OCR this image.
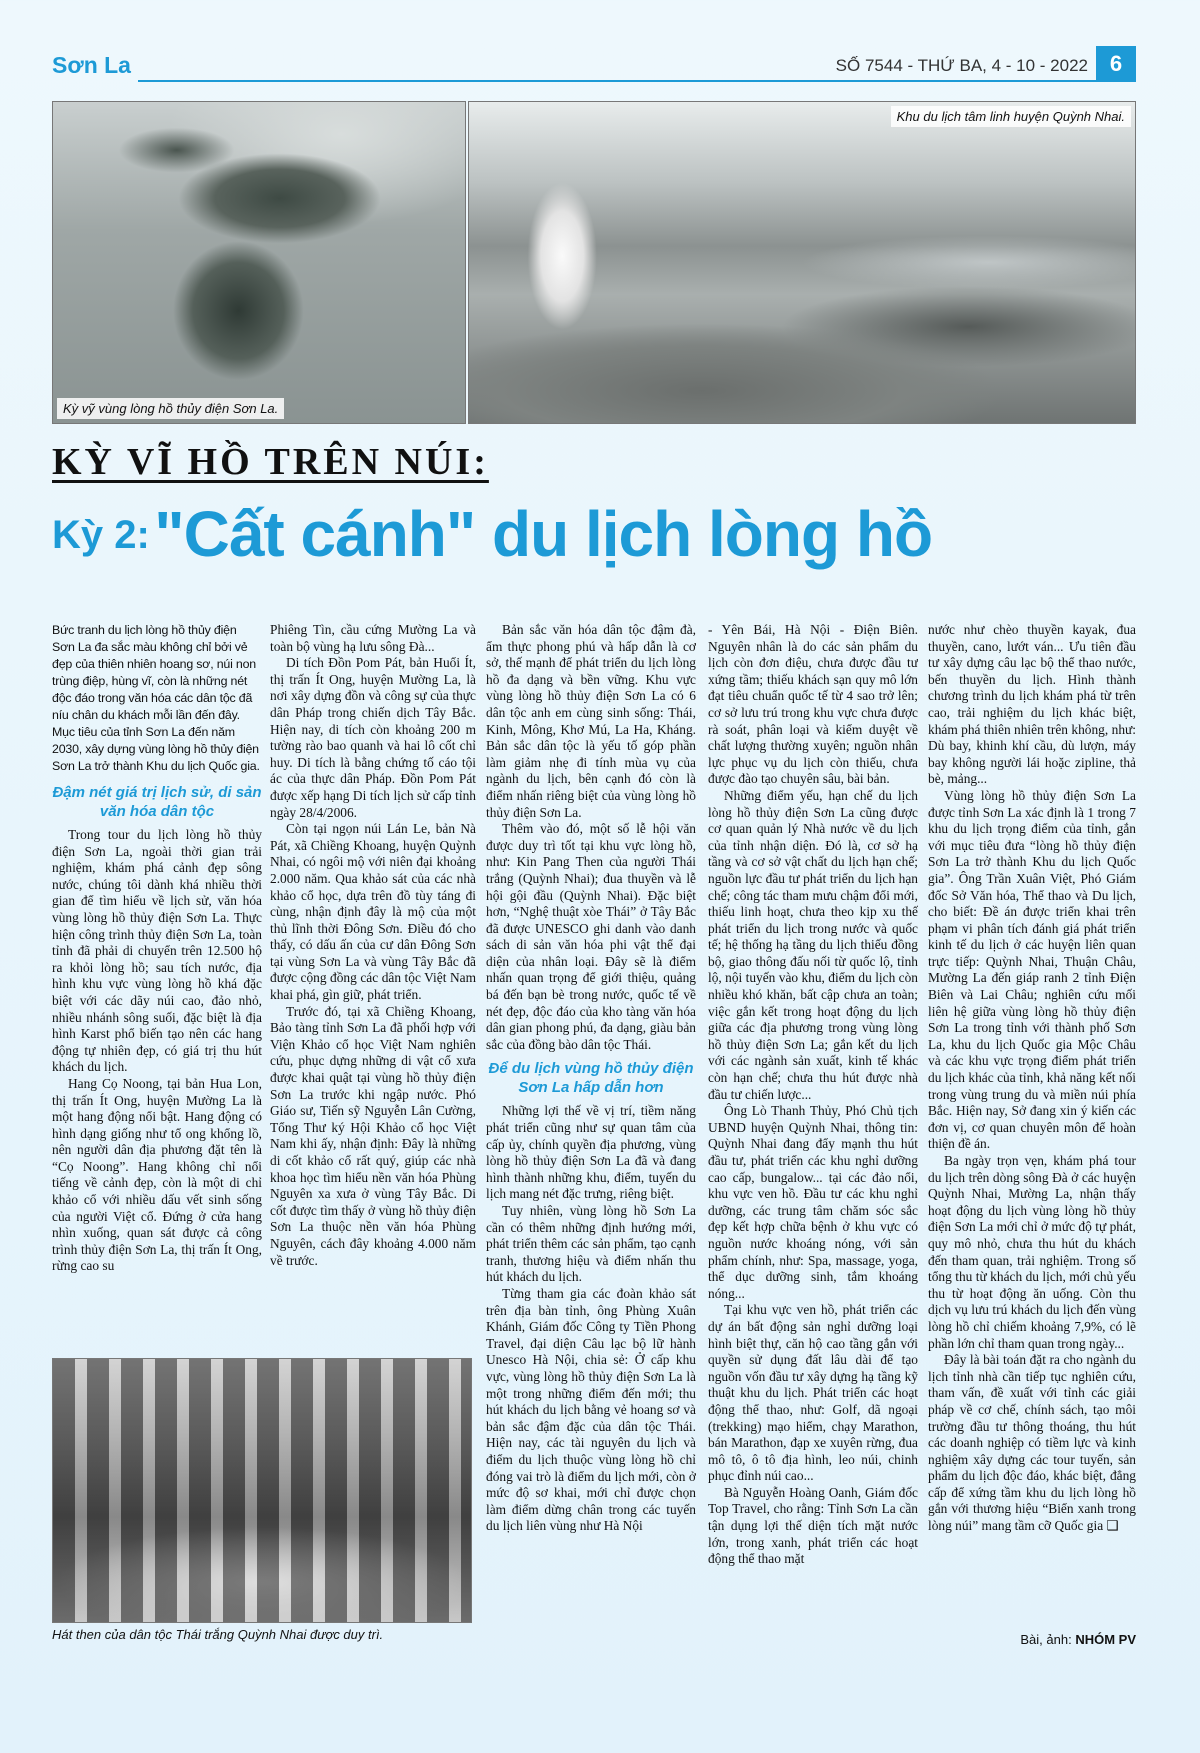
Sơn La	SỐ 7544 - THỨ BA, 4 - 10 - 2022 6
Kỳ vỹ vùng lòng hồ thủy điện Sơn La.
Khu du lịch tâm linh huyện Quỳnh Nhai.
KỲ VĨ HỒ TRÊN NÚI:
Kỳ 2: "Cất cánh" du lịch lòng hồ
Bức tranh du lịch lòng hồ thủy điện Sơn La đa sắc màu không chỉ bởi vẻ đẹp của thiên nhiên hoang sơ, núi non trùng điệp, hùng vĩ, còn là những nét độc đáo trong văn hóa các dân tộc đã níu chân du khách mỗi lần đến đây. Mục tiêu của tỉnh Sơn La đến năm 2030, xây dựng vùng lòng hồ thủy điện Sơn La trở thành Khu du lịch Quốc gia.
Đậm nét giá trị lịch sử, di sản văn hóa dân tộc

Trong tour du lịch lòng hồ thủy điện Sơn La, ngoài thời gian trải nghiệm, khám phá cảnh đẹp sông nước, chúng tôi dành khá nhiều thời gian để tìm hiểu về lịch sử, văn hóa vùng lòng hồ thủy điện Sơn La. Thực hiện công trình thủy điện Sơn La, toàn tỉnh đã phải di chuyển trên 12.500 hộ ra khỏi lòng hồ; sau tích nước, địa hình khu vực vùng lòng hồ khá đặc biệt với các dãy núi cao, đảo nhỏ, nhiều nhánh sông suối, đặc biệt là địa hình Karst phổ biến tạo nên các hang động tự nhiên đẹp, có giá trị thu hút khách du lịch.

Hang Cọ Noong, tại bản Hua Lon, thị trấn Ít Ong, huyện Mường La là một hang động nổi bật. Hang động có hình dạng giống như tổ ong khổng lồ, nên người dân địa phương đặt tên là “Cọ Noong”. Hang không chỉ nổi tiếng về cảnh đẹp, còn là một di chỉ khảo cổ với nhiều dấu vết sinh sống của người Việt cổ. Đứng ở cửa hang nhìn xuống, quan sát được cả công trình thủy điện Sơn La, thị trấn Ít Ong, rừng cao su

Phiêng Tìn, cầu cứng Mường La và toàn bộ vùng hạ lưu sông Đà...

Di tích Đồn Pom Pát, bản Huổi Ít, thị trấn Ít Ong, huyện Mường La, là nơi xây dựng đồn và công sự của thực dân Pháp trong chiến dịch Tây Bắc. Hiện nay, di tích còn khoảng 200 m tường rào bao quanh và hai lô cốt chỉ huy. Di tích là bằng chứng tố cáo tội ác của thực dân Pháp. Đồn Pom Pát được xếp hạng Di tích lịch sử cấp tỉnh ngày 28/4/2006.

Còn tại ngọn núi Lán Le, bản Nà Pát, xã Chiềng Khoang, huyện Quỳnh Nhai, có ngôi mộ với niên đại khoảng 2.000 năm. Qua khảo sát của các nhà khảo cổ học, dựa trên đồ tùy táng đi cùng, nhận định đây là mộ của một thủ lĩnh thời Đông Sơn. Điều đó cho thấy, có dấu ấn của cư dân Đông Sơn tại vùng Sơn La và vùng Tây Bắc đã được cộng đồng các dân tộc Việt Nam khai phá, gìn giữ, phát triển.

Trước đó, tại xã Chiềng Khoang, Bảo tàng tỉnh Sơn La đã phối hợp với Viện Khảo cổ học Việt Nam nghiên cứu, phục dựng những di vật cổ xưa được khai quật tại vùng hồ thủy điện Sơn La trước khi ngập nước. Phó Giáo sư, Tiến sỹ Nguyễn Lân Cường, Tổng Thư ký Hội Khảo cổ học Việt Nam khi ấy, nhận định: Đây là những di cốt khảo cổ rất quý, giúp các nhà khoa học tìm hiểu nền văn hóa Phùng Nguyên xa xưa ở vùng Tây Bắc. Di cốt được tìm thấy ở vùng hồ thủy điện Sơn La thuộc nền văn hóa Phùng Nguyên, cách đây khoảng 4.000 năm về trước.

Hát then của dân tộc Thái trắng Quỳnh Nhai được duy trì.

Bản sắc văn hóa dân tộc đậm đà, ẩm thực phong phú và hấp dẫn là cơ sở, thế mạnh để phát triển du lịch lòng hồ đa dạng và bền vững. Khu vực vùng lòng hồ thủy điện Sơn La có 6 dân tộc anh em cùng sinh sống: Thái, Kinh, Mông, Khơ Mú, La Ha, Kháng. Bản sắc dân tộc là yếu tố góp phần làm giảm nhẹ đi tính mùa vụ của ngành du lịch, bên cạnh đó còn là điểm nhấn riêng biệt của vùng lòng hồ thủy điện Sơn La.

Thêm vào đó, một số lễ hội văn được duy trì tốt tại khu vực lòng hồ, như: Kin Pang Then của người Thái trắng (Quỳnh Nhai); đua thuyền và lễ hội gội đầu (Quỳnh Nhai). Đặc biệt hơn, “Nghệ thuật xòe Thái” ở Tây Bắc đã được UNESCO ghi danh vào danh sách di sản văn hóa phi vật thể đại diện của nhân loại. Đây sẽ là điểm nhấn quan trọng để giới thiệu, quảng bá đến bạn bè trong nước, quốc tế về nét đẹp, độc đáo của kho tàng văn hóa dân gian phong phú, đa dạng, giàu bản sắc của đồng bào dân tộc Thái.

Để du lịch vùng hồ thủy điện Sơn La hấp dẫn hơn

Những lợi thế về vị trí, tiềm năng phát triển cũng như sự quan tâm của cấp ủy, chính quyền địa phương, vùng lòng hồ thủy điện Sơn La đã và đang hình thành những khu, điểm, tuyến du lịch mang nét đặc trưng, riêng biệt.

Tuy nhiên, vùng lòng hồ Sơn La cần có thêm những định hướng mới, phát triển thêm các sản phẩm, tạo cạnh tranh, thương hiệu và điểm nhấn thu hút khách du lịch.

Từng tham gia các đoàn khảo sát trên địa bàn tỉnh, ông Phùng Xuân Khánh, Giám đốc Công ty Tiền Phong Travel, đại diện Câu lạc bộ lữ hành Unesco Hà Nội, chia sẻ: Ở cấp khu vực, vùng lòng hồ thủy điện Sơn La là một trong những điểm đến mới; thu hút khách du lịch bằng vẻ hoang sơ và bản sắc đậm đặc của dân tộc Thái. Hiện nay, các tài nguyên du lịch và điểm du lịch thuộc vùng lòng hồ chỉ đóng vai trò là điểm du lịch mới, còn ở mức độ sơ khai, mới chỉ được chọn làm điểm dừng chân trong các tuyến du lịch liên vùng như Hà Nội

- Yên Bái, Hà Nội - Điện Biên. Nguyên nhân là do các sản phẩm du lịch còn đơn điệu, chưa được đầu tư xứng tầm; thiếu khách sạn quy mô lớn đạt tiêu chuẩn quốc tế từ 4 sao trở lên; cơ sở lưu trú trong khu vực chưa được rà soát, phân loại và kiểm duyệt về chất lượng thường xuyên; nguồn nhân lực phục vụ du lịch còn thiếu, chưa được đào tạo chuyên sâu, bài bản.

Những điểm yếu, hạn chế du lịch lòng hồ thủy điện Sơn La cũng được cơ quan quản lý Nhà nước về du lịch của tỉnh nhận diện. Đó là, cơ sở hạ tầng và cơ sở vật chất du lịch hạn chế; nguồn lực đầu tư phát triển du lịch hạn chế; công tác tham mưu chậm đổi mới, thiếu linh hoạt, chưa theo kịp xu thế phát triển du lịch trong nước và quốc tế; hệ thống hạ tầng du lịch thiếu đồng bộ, giao thông đấu nối từ quốc lộ, tỉnh lộ, nội tuyến vào khu, điểm du lịch còn nhiều khó khăn, bất cập chưa an toàn; việc gắn kết trong hoạt động du lịch giữa các địa phương trong vùng lòng hồ thủy điện Sơn La; gắn kết du lịch với các ngành sản xuất, kinh tế khác còn hạn chế; chưa thu hút được nhà đầu tư chiến lược...

Ông Lò Thanh Thủy, Phó Chủ tịch UBND huyện Quỳnh Nhai, thông tin: Quỳnh Nhai đang đẩy mạnh thu hút đầu tư, phát triển các khu nghỉ dưỡng cao cấp, bungalow... tại các đảo nổi, khu vực ven hồ. Đầu tư các khu nghỉ dưỡng, các trung tâm chăm sóc sắc đẹp kết hợp chữa bệnh ở khu vực có nguồn nước khoáng nóng, với sản phẩm chính, như: Spa, massage, yoga, thể dục dưỡng sinh, tắm khoáng nóng...

Tại khu vực ven hồ, phát triển các dự án bất động sản nghỉ dưỡng loại hình biệt thự, căn hộ cao tầng gắn với quyền sử dụng đất lâu dài để tạo nguồn vốn đầu tư xây dựng hạ tầng kỹ thuật khu du lịch. Phát triển các hoạt động thể thao, như: Golf, dã ngoại (trekking) mạo hiểm, chạy Marathon, bán Marathon, đạp xe xuyên rừng, đua mô tô, ô tô địa hình, leo núi, chinh phục đỉnh núi cao...

Bà Nguyễn Hoàng Oanh, Giám đốc Top Travel, cho rằng: Tỉnh Sơn La cần tận dụng lợi thế diện tích mặt nước lớn, trong xanh, phát triển các hoạt động thể thao mặt

nước như chèo thuyền kayak, đua thuyền, cano, lướt ván... Ưu tiên đầu tư xây dựng câu lạc bộ thể thao nước, bến thuyền du lịch. Hình thành chương trình du lịch khám phá từ trên cao, trải nghiệm du lịch khác biệt, khám phá thiên nhiên trên không, như: Dù bay, khinh khí cầu, dù lượn, máy bay không người lái hoặc zipline, thả bè, mảng...

Vùng lòng hồ thủy điện Sơn La được tỉnh Sơn La xác định là 1 trong 7 khu du lịch trọng điểm của tỉnh, gắn với mục tiêu đưa “lòng hồ thủy điện Sơn La trở thành Khu du lịch Quốc gia”. Ông Trần Xuân Việt, Phó Giám đốc Sở Văn hóa, Thể thao và Du lịch, cho biết: Đề án được triển khai trên phạm vi phân tích đánh giá phát triển kinh tế du lịch ở các huyện liên quan trực tiếp: Quỳnh Nhai, Thuận Châu, Mường La đến giáp ranh 2 tỉnh Điện Biên và Lai Châu; nghiên cứu mối liên hệ giữa vùng lòng hồ thủy điện Sơn La trong tỉnh với thành phố Sơn La, khu du lịch Quốc gia Mộc Châu và các khu vực trọng điểm phát triển du lịch khác của tỉnh, khả năng kết nối trong vùng trung du và miền núi phía Bắc. Hiện nay, Sở đang xin ý kiến các đơn vị, cơ quan chuyên môn để hoàn thiện đề án.

Ba ngày trọn vẹn, khám phá tour du lịch trên dòng sông Đà ở các huyện Quỳnh Nhai, Mường La, nhận thấy hoạt động du lịch vùng lòng hồ thủy điện Sơn La mới chỉ ở mức độ tự phát, quy mô nhỏ, chưa thu hút du khách đến tham quan, trải nghiệm. Trong số tổng thu từ khách du lịch, mới chủ yếu thu từ hoạt động ăn uống. Còn thu dịch vụ lưu trú khách du lịch đến vùng lòng hồ chỉ chiếm khoảng 7,9%, có lẽ phần lớn chỉ tham quan trong ngày...

Đây là bài toán đặt ra cho ngành du lịch tỉnh nhà cần tiếp tục nghiên cứu, tham vấn, đề xuất với tỉnh các giải pháp về cơ chế, chính sách, tạo môi trường đầu tư thông thoáng, thu hút các doanh nghiệp có tiềm lực và kinh nghiệm xây dựng các tour tuyến, sản phẩm du lịch độc đáo, khác biệt, đẳng cấp để xứng tầm khu du lịch lòng hồ gắn với thương hiệu “Biển xanh trong lòng núi” mang tầm cỡ Quốc gia ❑

Bài, ảnh: NHÓM PV
